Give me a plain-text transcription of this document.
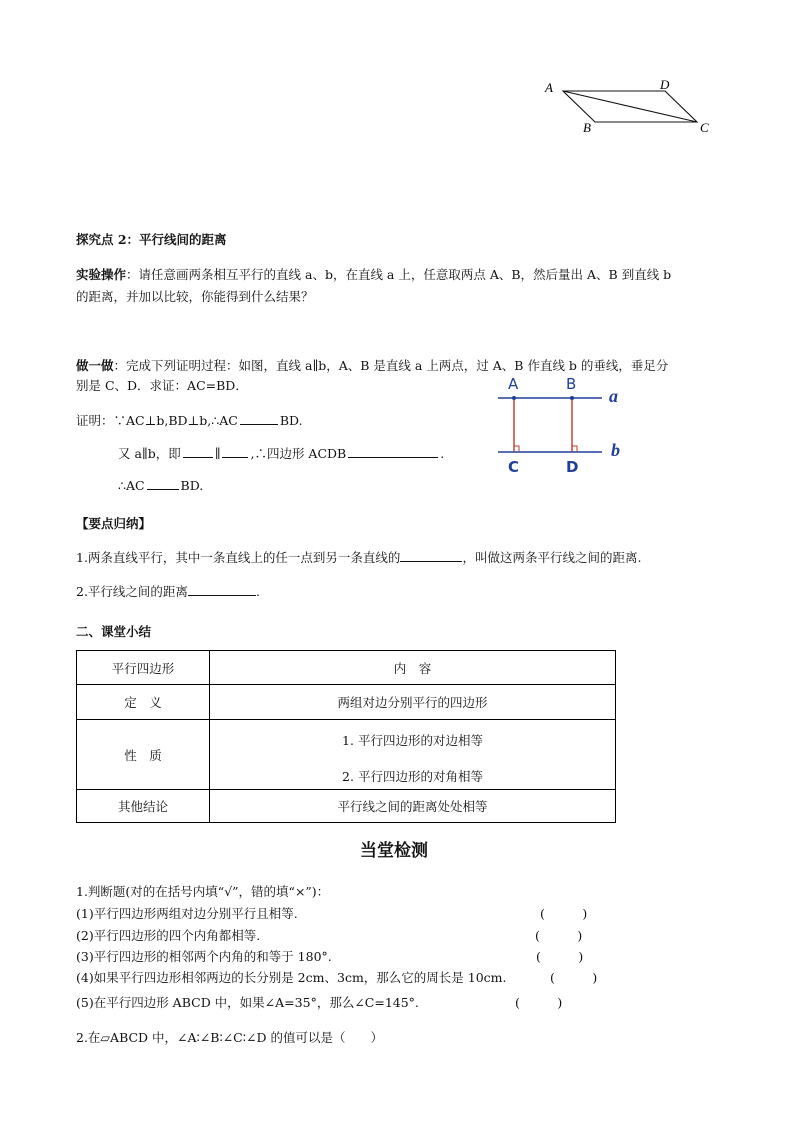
A	D
B	C
探究点 2：平行线间的距离
实验操作：请任意画两条相互平行的直线 a、b，在直线 a 上，任意取两点 A、B，然后量出 A、B 到直线 b
的距离，并加以比较，你能得到什么结果？
做一做：完成下列证明过程：如图，直线 a∥b，A、B 是直线 a 上两点，过 A、B 作直线 b 的垂线，垂足分
别是 C、D．求证：AC=BD．
证明：∵AC⊥b,BD⊥b,∴AC	BD.
又 a∥b，即	∥ ,∴四边形 ACDB	.
∴AC	BD.
A	B
C	D
a
b
【要点归纳】
1.两条直线平行，其中一条直线上的任一点到另一条直线的	，叫做这两条平行线之间的距离.
2.平行线之间的距离	.
二、课堂小结
平行四边形	内　容
定　义	两组对边分别平行的四边形
性　质	1. 平行四边形的对边相等
2. 平行四边形的对角相等

其他结论	平行线之间的距离处处相等
当堂检测
1.判断题(对的在括号内填“√”，错的填“×”)：
(1)平行四边形两组对边分别平行且相等.	(　　　)
(2)平行四边形的四个内角都相等.	(　　　)
(3)平行四边形的相邻两个内角的和等于 180°.	(　　　)
(4)如果平行四边形相邻两边的长分别是 2cm、3cm，那么它的周长是 10cm.	(　　　)
(5)在平行四边形 ABCD 中，如果∠A=35°，那么∠C=145°.	(　　　)
2.在▱ABCD 中，∠A∶∠B∶∠C∶∠D 的值可以是（　　）
